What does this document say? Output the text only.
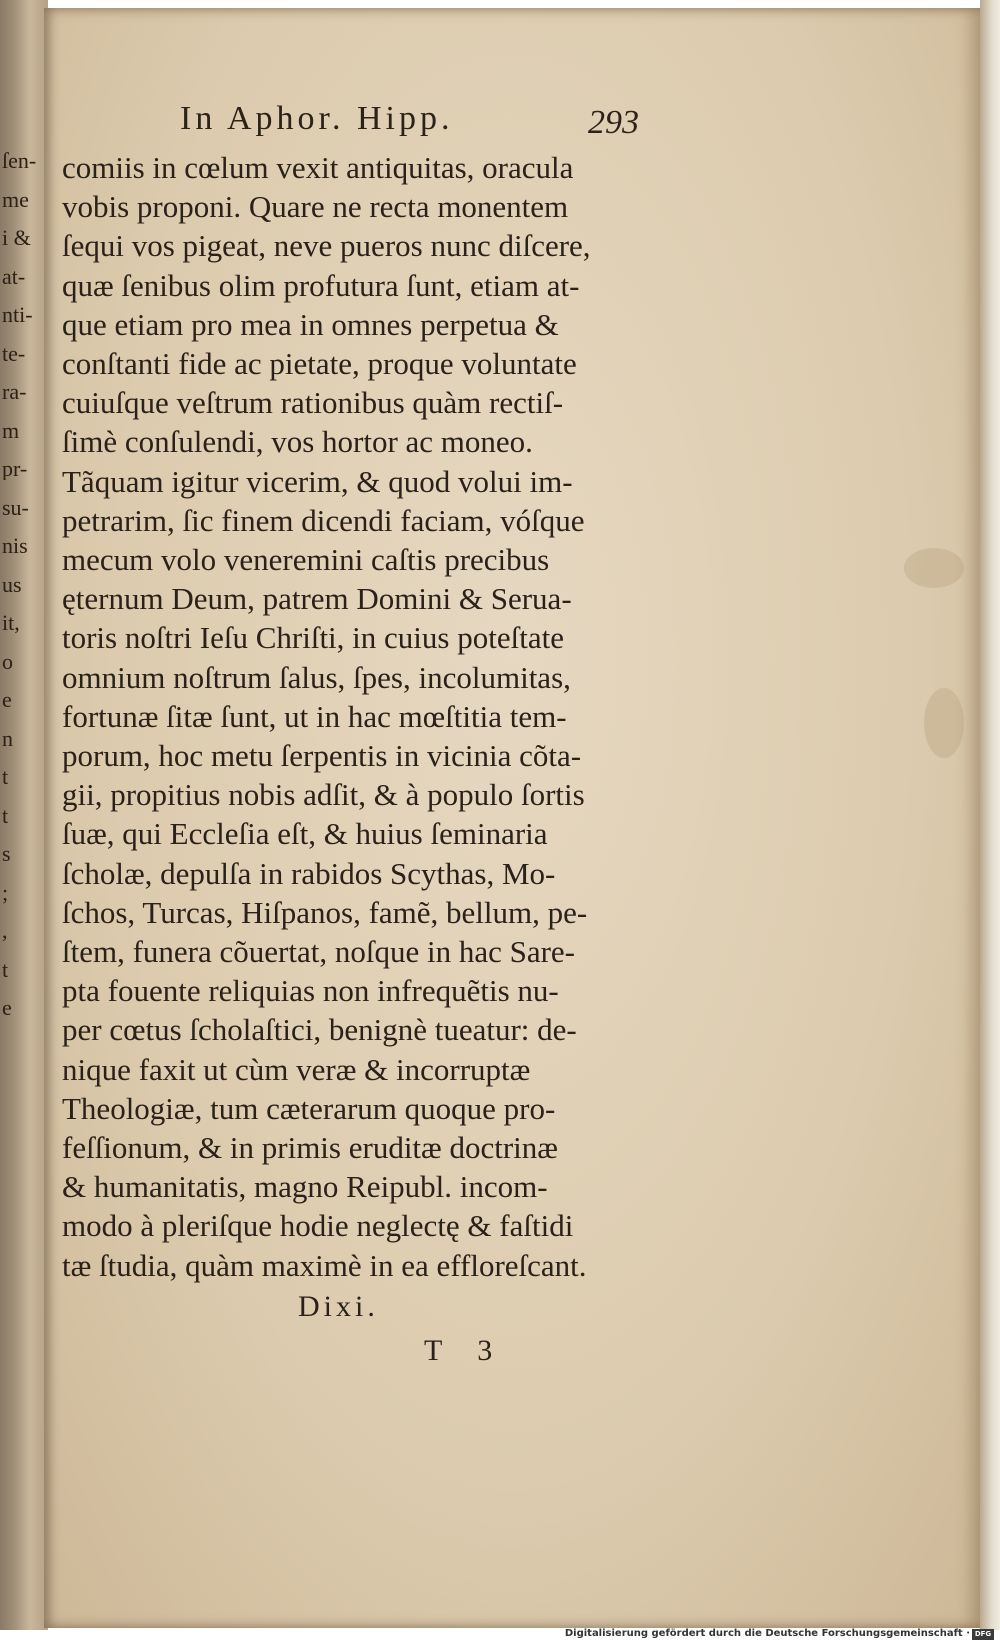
ſen-
me
i &
at-
nti-
te-
ra-
m
pr-
su-
nis
us
it,
o
e
n
t
t
s
;
,
t
e
In Aphor. Hipp.	293
comiis in cœlum vexit antiquitas, oracula
vobis proponi. Quare ne recta monentem
ſequi vos pigeat, neve pueros nunc diſcere,
quæ ſenibus olim profutura ſunt, etiam at-
que etiam pro mea in omnes perpetua &
conſtanti fide ac pietate, proque voluntate
cuiuſque veſtrum rationibus quàm rectiſ-
ſimè conſulendi, vos hortor ac moneo.
Tãquam igitur vicerim, & quod volui im-
petrarim, ſic finem dicendi faciam, vóſque
mecum volo veneremini caſtis precibus
ęternum Deum, patrem Domini & Serua-
toris noſtri Ieſu Chriſti, in cuius poteſtate
omnium noſtrum ſalus, ſpes, incolumitas,
fortunæ ſitæ ſunt, ut in hac mœſtitia tem-
porum, hoc metu ſerpentis in vicinia cõta-
gii, propitius nobis adſit, & à populo ſortis
ſuæ, qui Eccleſia eſt, & huius ſeminaria
ſcholæ, depulſa in rabidos Scythas, Mo-
ſchos, Turcas, Hiſpanos, famẽ, bellum, pe-
ſtem, funera cõuertat, noſque in hac Sare-
pta fouente reliquias non infrequẽtis nu-
per cœtus ſcholaſtici, benignè tueatur: de-
nique faxit ut cùm veræ & incorruptæ
Theologiæ, tum cæterarum quoque pro-
feſſionum, & in primis eruditæ doctrinæ
& humanitatis, magno Reipubl. incom-
modo à pleriſque hodie neglectę & faſtidi
tæ ſtudia, quàm maximè in ea effloreſcant.
Dixi.
T 3
Digitalisierung gefördert durch die Deutsche Forschungsgemeinschaft · DFG
